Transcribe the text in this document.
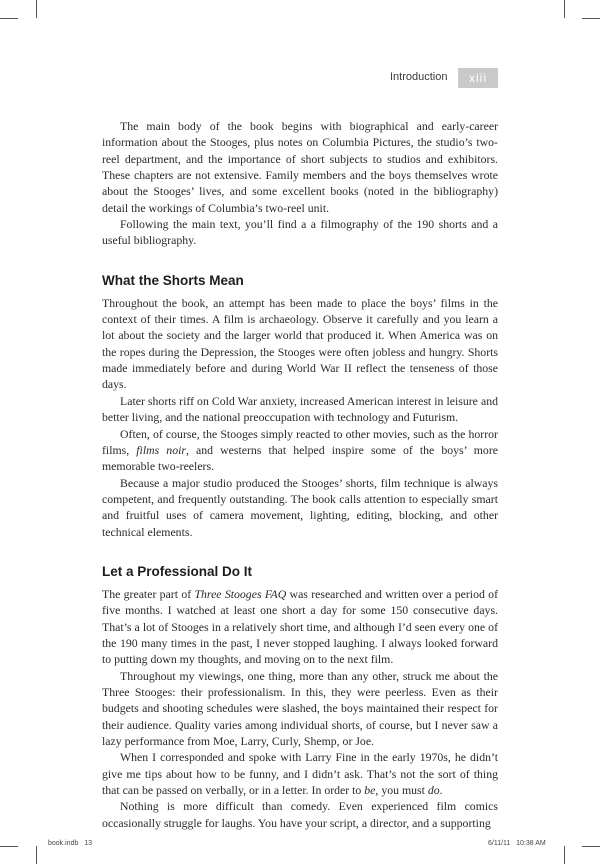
Introduction	xiii

The main body of the book begins with biographical and early-career information about the Stooges, plus notes on Columbia Pictures, the studio’s two-reel department, and the importance of short subjects to studios and exhibitors. These chapters are not extensive. Family members and the boys themselves wrote about the Stooges’ lives, and some excellent books (noted in the bibliography) detail the workings of Columbia’s two-reel unit.

Following the main text, you’ll find a a filmography of the 190 shorts and a useful bibliography.

What the Shorts Mean

Throughout the book, an attempt has been made to place the boys’ films in the context of their times. A film is archaeology. Observe it carefully and you learn a lot about the society and the larger world that produced it. When America was on the ropes during the Depression, the Stooges were often jobless and hungry. Shorts made immediately before and during World War II reflect the tenseness of those days.

Later shorts riff on Cold War anxiety, increased American interest in leisure and better living, and the national preoccupation with technology and Futurism.

Often, of course, the Stooges simply reacted to other movies, such as the horror films, films noir, and westerns that helped inspire some of the boys’ more memorable two-reelers.

Because a major studio produced the Stooges’ shorts, film technique is always competent, and frequently outstanding. The book calls attention to especially smart and fruitful uses of camera movement, lighting, editing, blocking, and other technical elements.

Let a Professional Do It

The greater part of Three Stooges FAQ was researched and written over a period of five months. I watched at least one short a day for some 150 consecutive days. That’s a lot of Stooges in a relatively short time, and although I’d seen every one of the 190 many times in the past, I never stopped laughing. I always looked forward to putting down my thoughts, and moving on to the next film.

Throughout my viewings, one thing, more than any other, struck me about the Three Stooges: their professionalism. In this, they were peerless. Even as their budgets and shooting schedules were slashed, the boys maintained their respect for their audience. Quality varies among individual shorts, of course, but I never saw a lazy performance from Moe, Larry, Curly, Shemp, or Joe.

When I corresponded and spoke with Larry Fine in the early 1970s, he didn’t give me tips about how to be funny, and I didn’t ask. That’s not the sort of thing that can be passed on verbally, or in a letter. In order to be, you must do.

Nothing is more difficult than comedy. Even experienced film comics occasionally struggle for laughs. You have your script, a director, and a supporting

book.indb   13	6/11/11   10:38 AM
